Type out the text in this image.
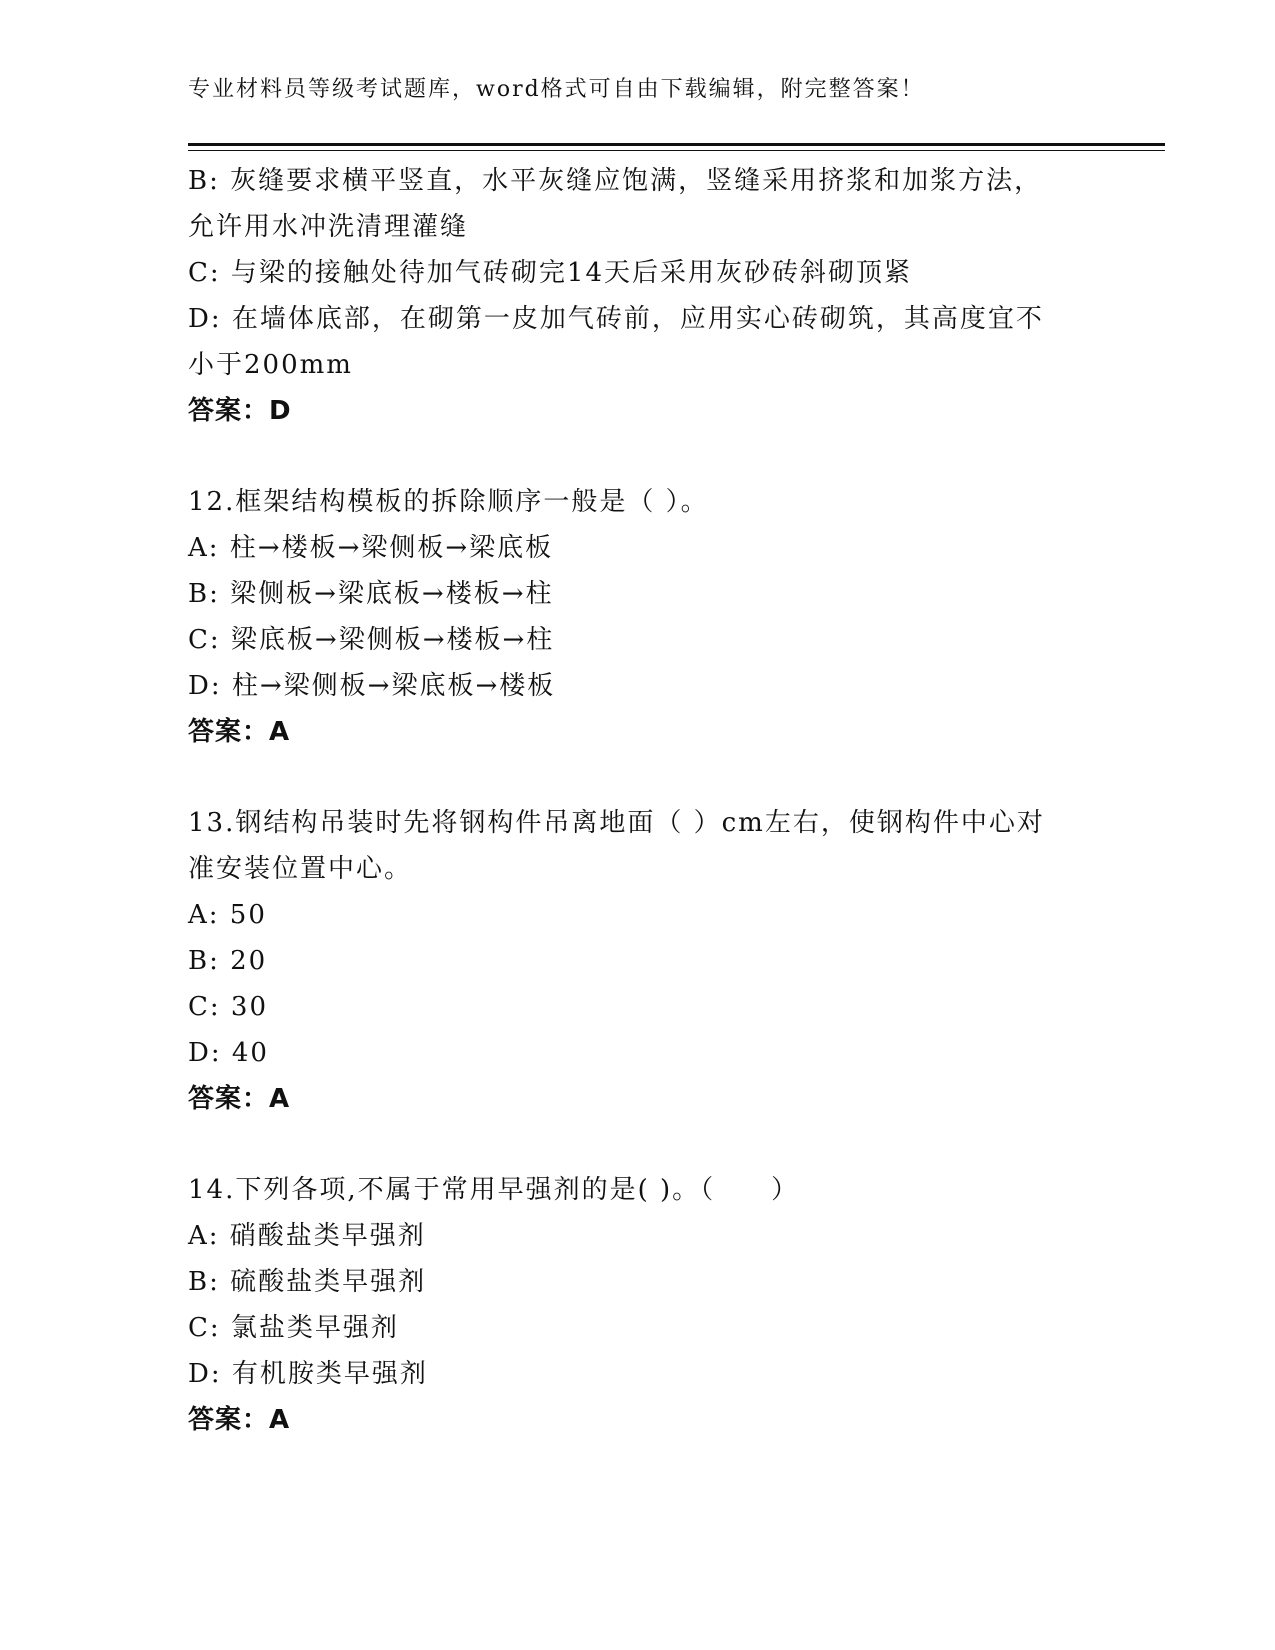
专业材料员等级考试题库，word格式可自由下载编辑，附完整答案！
B: 灰缝要求横平竖直，水平灰缝应饱满，竖缝采用挤浆和加浆方法，
允许用水冲洗清理灌缝
C: 与梁的接触处待加气砖砌完14天后采用灰砂砖斜砌顶紧
D: 在墙体底部，在砌第一皮加气砖前，应用实心砖砌筑，其高度宜不
小于200mm
答案：D
12.框架结构模板的拆除顺序一般是（ ）。
A: 柱→楼板→梁侧板→梁底板
B: 梁侧板→梁底板→楼板→柱
C: 梁底板→梁侧板→楼板→柱
D: 柱→梁侧板→梁底板→楼板
答案：A
13.钢结构吊装时先将钢构件吊离地面（ ）cm左右，使钢构件中心对
准安装位置中心。
A: 50
B: 20
C: 30
D: 40
答案：A
14.下列各项,不属于常用早强剂的是( )。（　　）
A: 硝酸盐类早强剂
B: 硫酸盐类早强剂
C: 氯盐类早强剂
D: 有机胺类早强剂
答案：A
